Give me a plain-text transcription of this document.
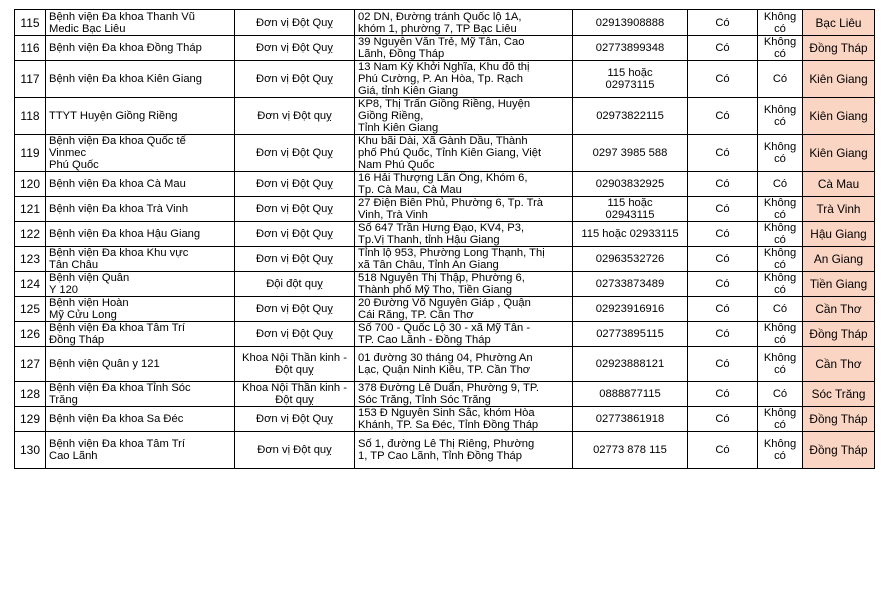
115	Bệnh viện Đa khoa Thanh Vũ
Medic Bạc Liêu	Đơn vị Đột Quỵ	02 DN, Đường tránh Quốc lộ 1A,
khóm 1, phường 7, TP Bạc Liêu	02913908888	Có	Không
có	Bạc Liêu
116	Bệnh viện Đa khoa Đồng Tháp	Đơn vị Đột Quỵ	39 Nguyễn Văn Trẻ, Mỹ Tân, Cao
Lãnh, Đồng Tháp	02773899348	Có	Không
có	Đồng Tháp
117	Bệnh viện Đa khoa Kiên Giang	Đơn vị Đột Quỵ	13 Nam Kỳ Khởi Nghĩa, Khu đô thị
Phú Cường, P. An Hòa, Tp. Rạch
Giá, tỉnh Kiên Giang	115 hoặc
02973115	Có	Có	Kiên Giang
118	TTYT Huyện Giồng Riềng	Đơn vị Đột quỵ	KP8, Thị Trấn Giồng Riềng, Huyện
Giồng Riềng,
Tỉnh Kiên Giang	02973822115	Có	Không có	Kiên Giang
119	Bệnh viện Đa khoa Quốc tế
Vinmec
Phú Quốc	Đơn vị Đột Quỵ	Khu bãi Dài, Xã Gành Dầu, Thành
phố Phú Quốc, Tỉnh Kiên Giang, Việt
Nam Phú Quốc	0297 3985 588	Có	Không có	Kiên Giang
120	Bệnh viện Đa khoa Cà Mau	Đơn vị Đột Quỵ	16 Hải Thượng Lãn Ông, Khóm 6,
Tp. Cà Mau, Cà Mau	02903832925	Có	Có	Cà Mau
121	Bệnh viện Đa khoa Trà Vinh	Đơn vị Đột Quỵ	27 Điện Biên Phủ, Phường 6, Tp. Trà
Vinh, Trà Vinh	115 hoặc
02943115	Có	Không
có	Trà Vinh
122	Bệnh viện Đa khoa Hậu Giang	Đơn vị Đột Quỵ	Số 647 Trần Hưng Đạo, KV4, P3,
Tp.Vị Thanh, tỉnh Hậu Giang	115 hoặc 02933115	Có	Không có	Hậu Giang
123	Bệnh viện Đa khoa Khu vực
Tân Châu	Đơn vị Đột Quỵ	Tỉnh lộ 953, Phường Long Thạnh, Thị
xã Tân Châu, Tỉnh An Giang	02963532726	Có	Không có	An Giang
124	Bệnh viện Quân
Y 120	Đội đột quỵ	518 Nguyễn Thị Thập, Phường 6,
Thành phố Mỹ Tho, Tiền Giang	02733873489	Có	Không có	Tiền Giang
125	Bệnh viện Hoàn
Mỹ Cửu Long	Đơn vị Đột Quỵ	20 Đường Võ Nguyên Giáp , Quận
Cái Răng, TP. Cần Thơ	02923916916	Có	Có	Cần Thơ
126	Bệnh viện Đa khoa Tâm Trí
Đồng Tháp	Đơn vị Đột Quỵ	Số 700 - Quốc Lộ 30 - xã Mỹ Tân -
TP. Cao Lãnh - Đồng Tháp	02773895115	Có	Không có	Đồng Tháp
127	Bệnh viện Quân y 121	Khoa Nội Thần kinh -
Đột quỵ	01 đường 30 tháng 04, Phường An
Lạc, Quận Ninh Kiều, TP. Cần Thơ	02923888121	Có	Không có	Cần Thơ
128	Bệnh viện Đa khoa Tỉnh Sóc
Trăng	Khoa Nội Thần kinh -
Đột quỵ	378 Đường Lê Duẩn, Phường 9, TP.
Sóc Trăng, Tỉnh Sóc Trăng	0888877115	Có	Có	Sóc Trăng
129	Bệnh viện Đa khoa Sa Đéc	Đơn vị Đột Quỵ	153 Đ Nguyễn Sinh Sắc, khóm Hòa
Khánh, TP. Sa Đéc, Tỉnh Đồng Tháp	02773861918	Có	Không có	Đồng Tháp
130	Bệnh viện Đa khoa Tâm Trí
Cao Lãnh	Đơn vị Đột quỵ	Số 1, đường Lê Thị Riêng, Phường
1, TP Cao Lãnh, Tỉnh Đồng Tháp	02773 878 115	Có	Không có	Đồng Tháp
